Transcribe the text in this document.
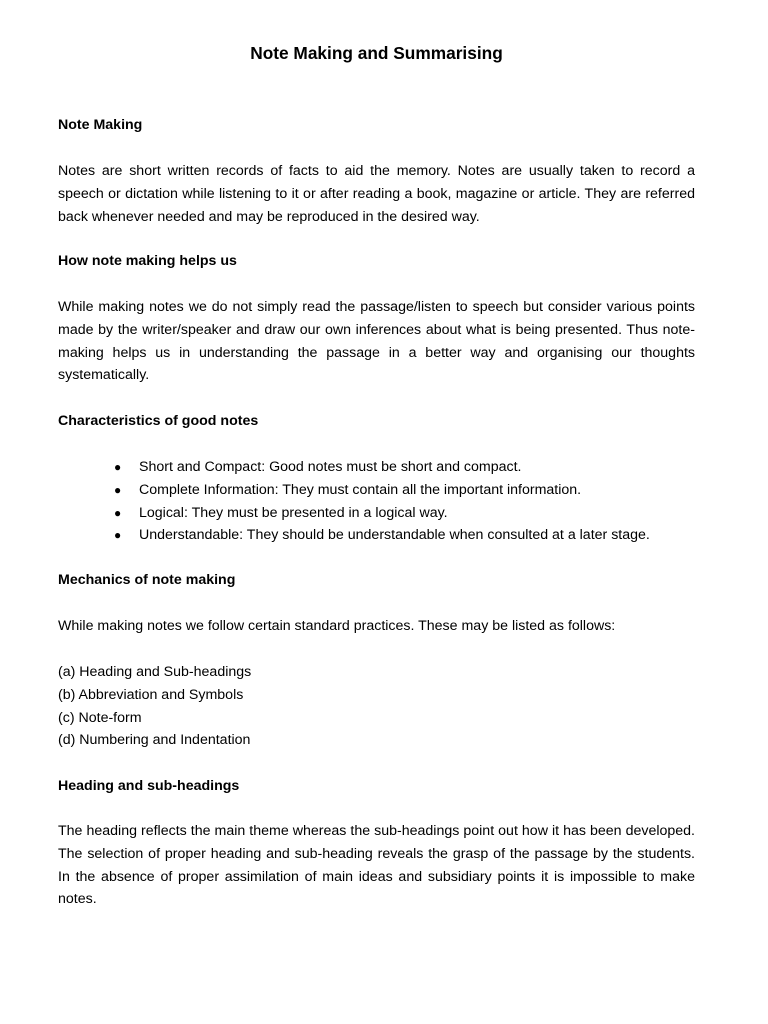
Note Making and Summarising

Note Making

Notes are short written records of facts to aid the memory. Notes are usually taken to record a speech or dictation while listening to it or after reading a book, magazine or article. They are referred back whenever needed and may be reproduced in the desired way.

How note making helps us

While making notes we do not simply read the passage/listen to speech but consider various points made by the writer/speaker and draw our own inferences about what is being presented. Thus note-making helps us in understanding the passage in a better way and organising our thoughts systematically.

Characteristics of good notes

● Short and Compact: Good notes must be short and compact.
● Complete Information: They must contain all the important information.
● Logical: They must be presented in a logical way.
● Understandable: They should be understandable when consulted at a later stage.

Mechanics of note making

While making notes we follow certain standard practices. These may be listed as follows:

(a) Heading and Sub-headings
(b) Abbreviation and Symbols
(c) Note-form
(d) Numbering and Indentation

Heading and sub-headings

The heading reflects the main theme whereas the sub-headings point out how it has been developed. The selection of proper heading and sub-heading reveals the grasp of the passage by the students. In the absence of proper assimilation of main ideas and subsidiary points it is impossible to make notes.
